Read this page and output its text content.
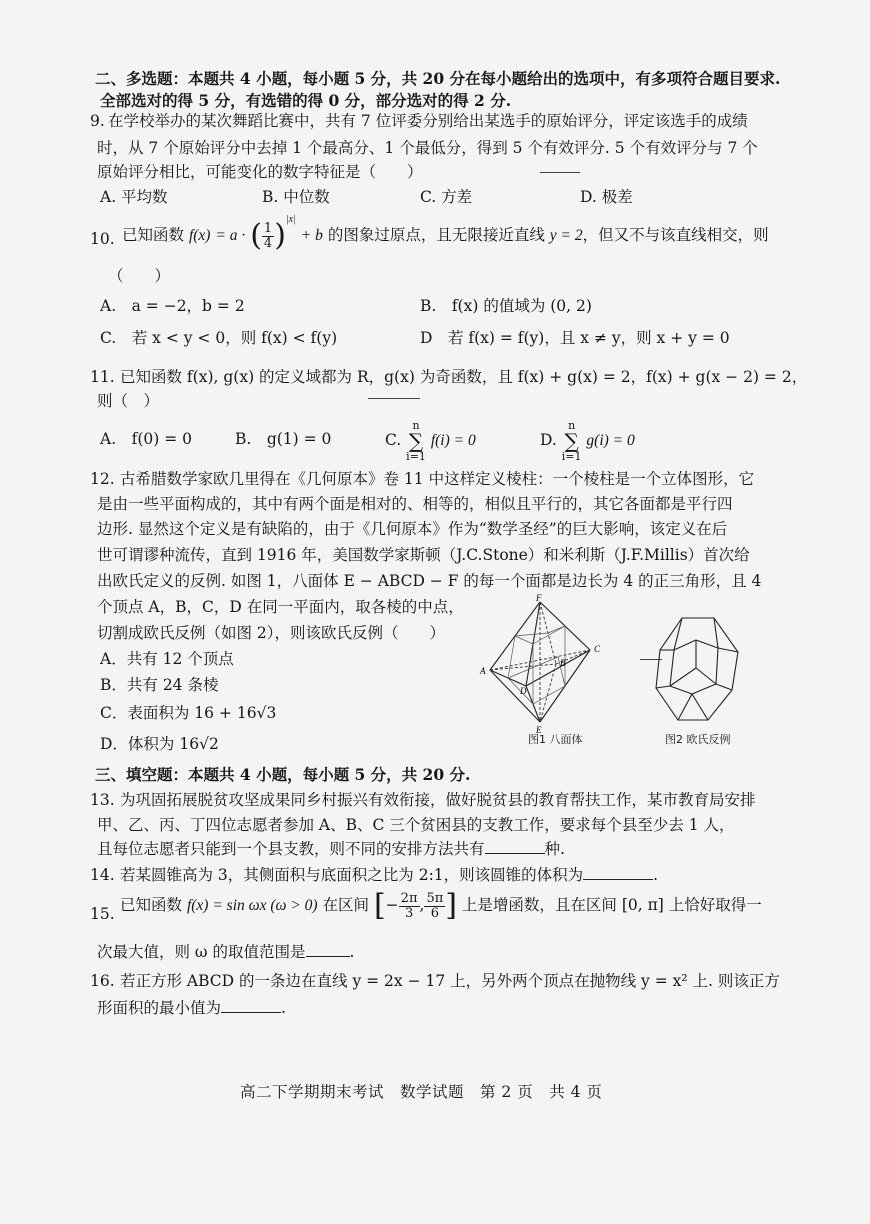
二、多选题：本题共 4 小题，每小题 5 分，共 20 分在每小题给出的选项中，有多项符合题目要求.
全部选对的得 5 分，有选错的得 0 分，部分选对的得 2 分.
9. 在学校举办的某次舞蹈比赛中，共有 7 位评委分别给出某选手的原始评分，评定该选手的成绩
时，从 7 个原始评分中去掉 1 个最高分、1 个最低分，得到 5 个有效评分. 5 个有效评分与 7 个
原始评分相比，可能变化的数字特征是（　　）
A. 平均数	B. 中位数	C. 方差	D. 极差
10. 已知函数 f(x) = a · ( $\frac{1}{4} )^{|x|} + b$ 的图象过原点，且无限接近直线 y = 2，但又不与该直线相交，则
（　　）
A.　a = −2，b = 2	B.　f(x) 的值域为 (0, 2)
C.　若 x < y < 0，则 f(x) < f(y)	D　若 f(x) = f(y)，且 x ≠ y，则 x + y = 0
11. 已知函数 f(x), g(x) 的定义域都为 R，g(x) 为奇函数，且 f(x) + g(x) = 2，f(x) + g(x − 2) = 2，
则（　）
A.　f(0) = 0	B.　g(1) = 0	C. n
∑
i=1 f(i) = 0	D. n
∑
i=1 g(i) = 0
12. 古希腊数学家欧几里得在《几何原本》卷 11 中这样定义棱柱：一个棱柱是一个立体图形，它
是由一些平面构成的，其中有两个面是相对的、相等的，相似且平行的，其它各面都是平行四
边形. 显然这个定义是有缺陷的，由于《几何原本》作为“数学圣经”的巨大影响，该定义在后
世可谓谬种流传，直到 1916 年，美国数学家斯顿（J.C.Stone）和米利斯（J.F.Millis）首次给
出欧氏定义的反例. 如图 1，八面体 E − ABCD − F 的每一个面都是边长为 4 的正三角形，且 4
个顶点 A，B，C，D 在同一平面内，取各棱的中点，
切割成欧氏反例（如图 2），则该欧氏反例（　　）
A．共有 12 个顶点
B．共有 24 条棱
C．表面积为 16 + 16√3
D．体积为 16√2
F
A
B
C
D
E
图1 八面体	图2 欧氏反例
三、填空题：本题共 4 小题，每小题 5 分，共 20 分.
13. 为巩固拓展脱贫攻坚成果同乡村振兴有效衔接，做好脱贫县的教育帮扶工作，某市教育局安排
甲、乙、丙、丁四位志愿者参加 A、B、C 三个贫困县的支教工作，要求每个县至少去 1 人，
且每位志愿者只能到一个县支教，则不同的安排方法共有	种.
14. 若某圆锥高为 3，其侧面积与底面积之比为 2:1，则该圆锥的体积为	.
15. 已知函数 f(x) = sin ωx (ω > 0) 在区间 [− $\frac{2\pi}{3}$ , $\frac{5\pi}{6}$ ] 上是增函数，且在区间 [0, π] 上恰好取得一
次最大值，则 ω 的取值范围是	.
16. 若正方形 ABCD 的一条边在直线 y = 2x − 17 上，另外两个顶点在抛物线 y = x² 上. 则该正方
形面积的最小值为	.
高二下学期期末考试　数学试题　第 2 页　共 4 页
